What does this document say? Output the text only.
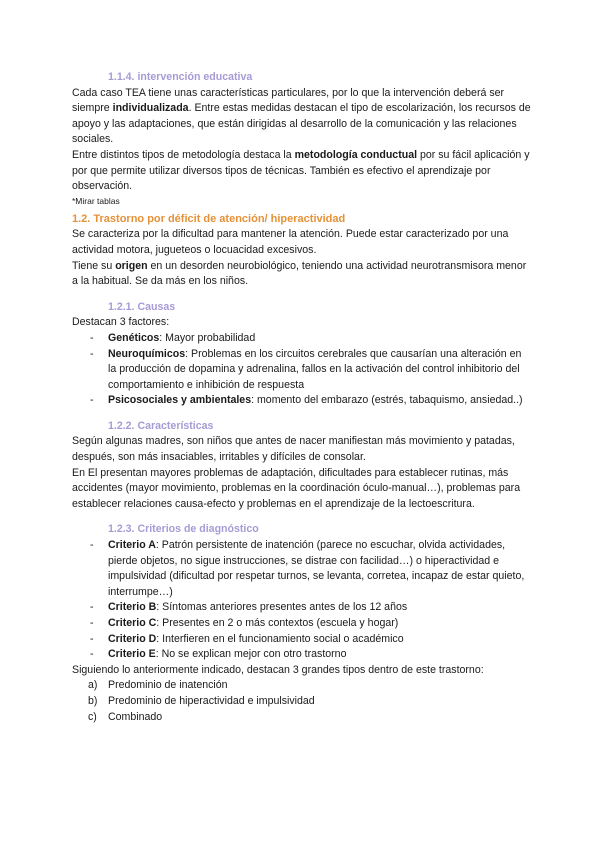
1.1.4. intervención educativa

Cada caso TEA tiene unas características particulares, por lo que la intervención deberá ser siempre individualizada. Entre estas medidas destacan el tipo de escolarización, los recursos de apoyo y las adaptaciones, que están dirigidas al desarrollo de la comunicación y las relaciones sociales.

Entre distintos tipos de metodología destaca la metodología conductual por su fácil aplicación y por que permite utilizar diversos tipos de técnicas. También es efectivo el aprendizaje por observación.

*Mirar tablas
1.2. Trastorno por déficit de atención/ hiperactividad

Se caracteriza por la dificultad para mantener la atención. Puede estar caracterizado por una actividad motora, jugueteos o locuacidad excesivos.

Tiene su origen en un desorden neurobiológico, teniendo una actividad neurotransmisora menor a la habitual. Se da más en los niños.

1.2.1. Causas

Destacan 3 factores:

- Genéticos: Mayor probabilidad
- Neuroquímicos: Problemas en los circuitos cerebrales que causarían una alteración en la producción de dopamina y adrenalina, fallos en la activación del control inhibitorio del comportamiento e inhibición de respuesta
- Psicosociales y ambientales: momento del embarazo (estrés, tabaquismo, ansiedad..)
1.2.2. Características

Según algunas madres, son niños que antes de nacer manifiestan más movimiento y patadas, después, son más insaciables, irritables y difíciles de consolar.

En El presentan mayores problemas de adaptación, dificultades para establecer rutinas, más accidentes (mayor movimiento, problemas en la coordinación óculo-manual…), problemas para establecer relaciones causa-efecto y problemas en el aprendizaje de la lectoescritura.

1.2.3. Criterios de diagnóstico
- Criterio A: Patrón persistente de inatención (parece no escuchar, olvida actividades, pierde objetos, no sigue instrucciones, se distrae con facilidad…) o hiperactividad e impulsividad (dificultad por respetar turnos, se levanta, corretea, incapaz de estar quieto, interrumpe…)
- Criterio B: Síntomas anteriores presentes antes de los 12 años
- Criterio C: Presentes en 2 o más contextos (escuela y hogar)
- Criterio D: Interfieren en el funcionamiento social o académico
- Criterio E: No se explican mejor con otro trastorno

Siguiendo lo anteriormente indicado, destacan 3 grandes tipos dentro de este trastorno:

a) Predominio de inatención
b) Predominio de hiperactividad e impulsividad
c) Combinado
